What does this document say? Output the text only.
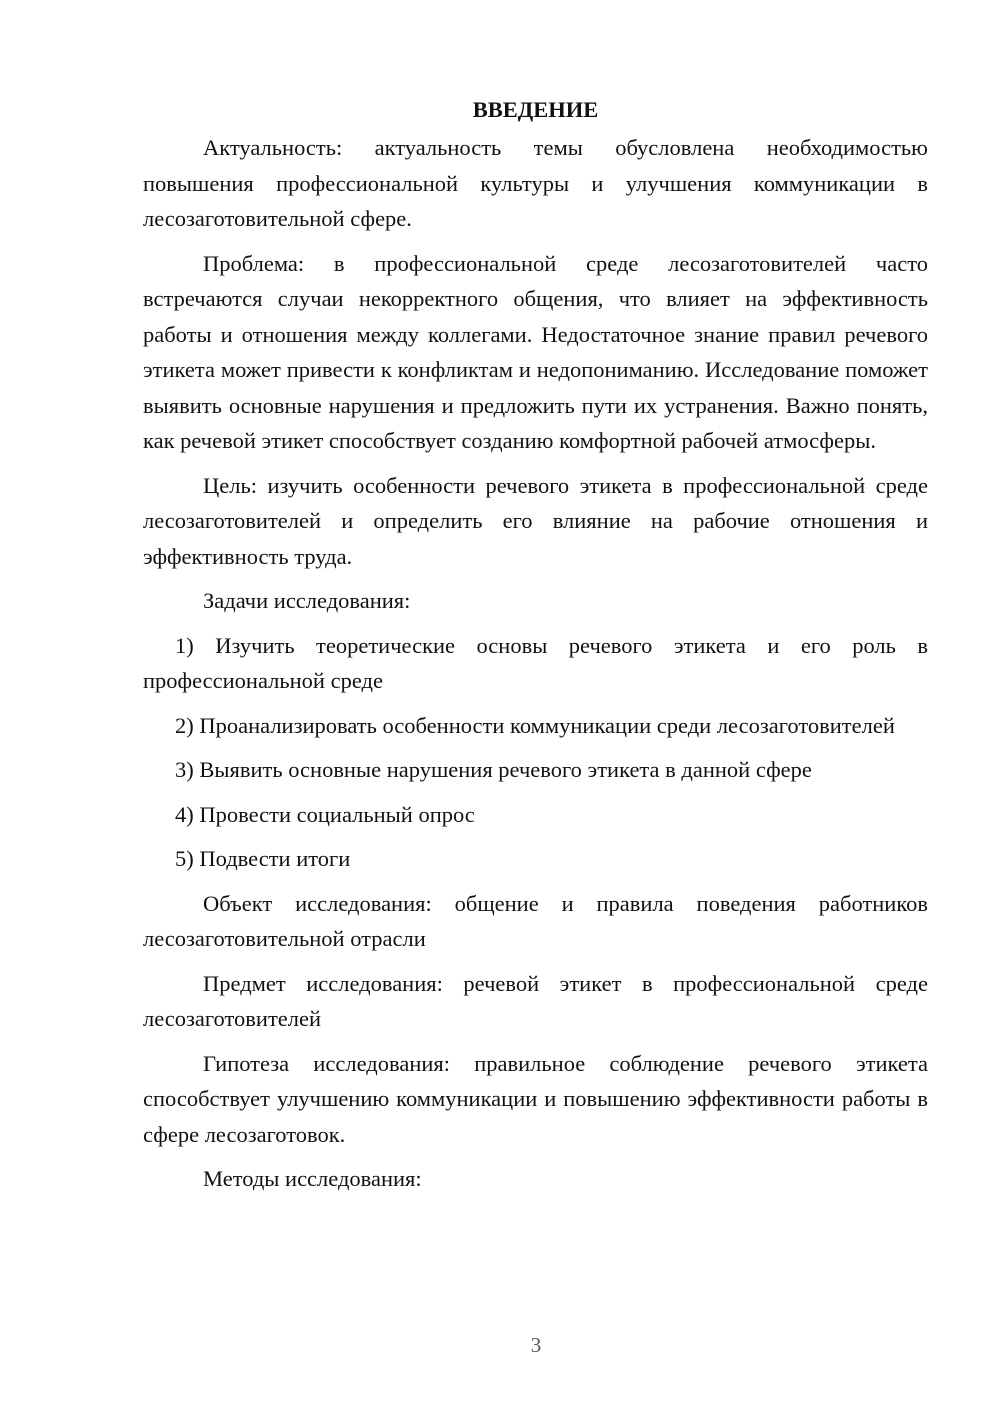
ВВЕДЕНИЕ

Актуальность: актуальность темы обусловлена необходимостью повышения профессиональной культуры и улучшения коммуникации в лесозаготовительной сфере.

Проблема: в профессиональной среде лесозаготовителей часто встречаются случаи некорректного общения, что влияет на эффективность работы и отношения между коллегами. Недостаточное знание правил речевого этикета может привести к конфликтам и недопониманию. Исследование поможет выявить основные нарушения и предложить пути их устранения. Важно понять, как речевой этикет способствует созданию комфортной рабочей атмосферы.

Цель: изучить особенности речевого этикета в профессиональной среде лесозаготовителей и определить его влияние на рабочие отношения и эффективность труда.

Задачи исследования:

1) Изучить теоретические основы речевого этикета и его роль в профессиональной среде

2) Проанализировать особенности коммуникации среди лесозаготовителей

3) Выявить основные нарушения речевого этикета в данной сфере

4) Провести социальный опрос

5) Подвести итоги

Объект исследования: общение и правила поведения работников лесозаготовительной отрасли

Предмет исследования: речевой этикет в профессиональной среде лесозаготовителей

Гипотеза исследования: правильное соблюдение речевого этикета способствует улучшению коммуникации и повышению эффективности работы в сфере лесозаготовок.

Методы исследования:

3
